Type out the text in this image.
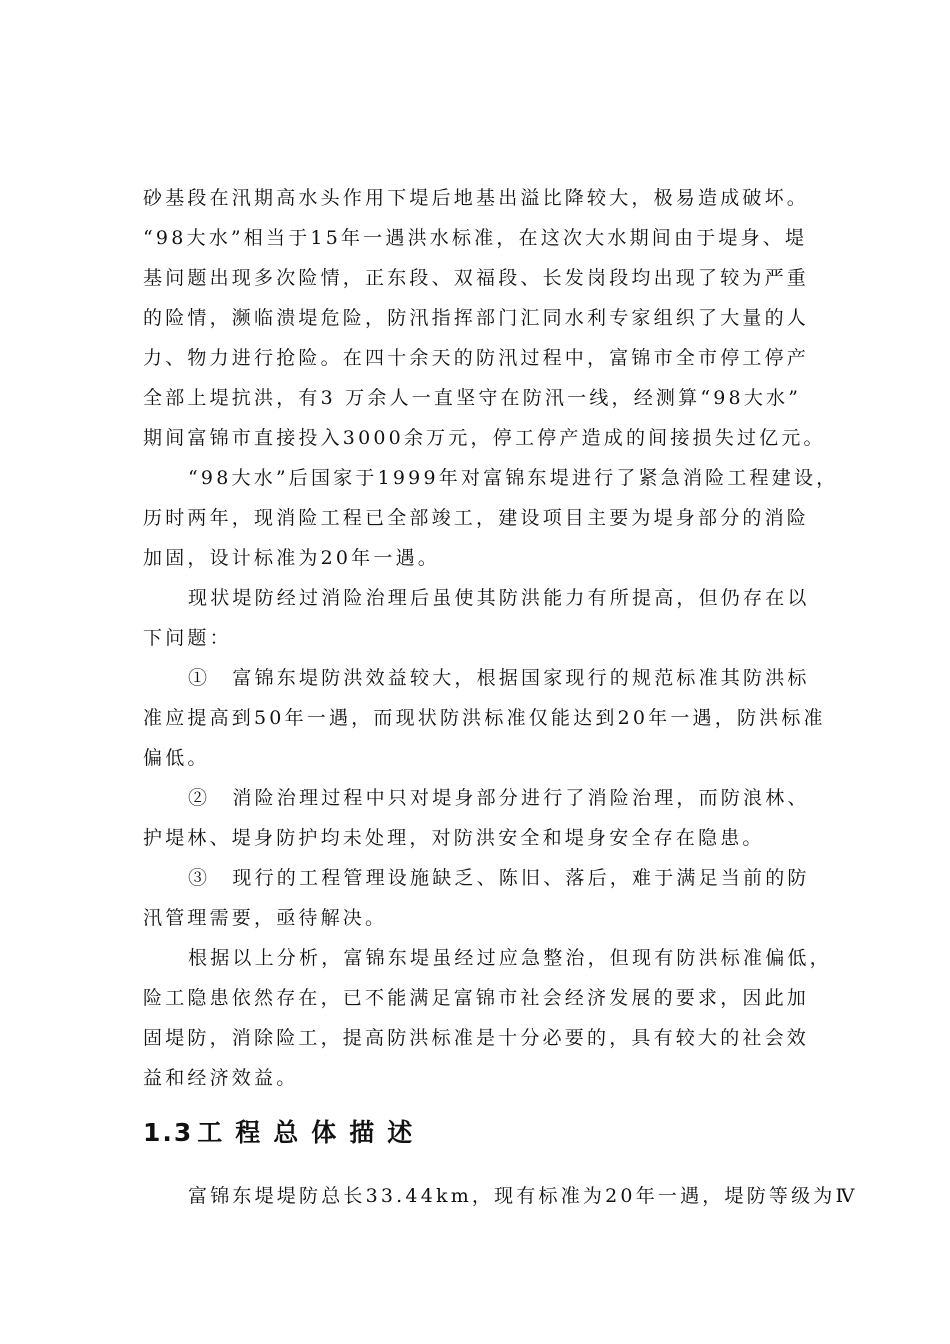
砂基段在汛期高水头作用下堤后地基出溢比降较大，极易造成破坏。
“98大水”相当于15年一遇洪水标准，在这次大水期间由于堤身、堤
基问题出现多次险情，正东段、双福段、长发岗段均出现了较为严重
的险情，濒临溃堤危险，防汛指挥部门汇同水利专家组织了大量的人
力、物力进行抢险。在四十余天的防汛过程中，富锦市全市停工停产
全部上堤抗洪，有3 万余人一直坚守在防汛一线，经测算“98大水”
期间富锦市直接投入3000余万元，停工停产造成的间接损失过亿元。

“98大水”后国家于1999年对富锦东堤进行了紧急消险工程建设，
历时两年，现消险工程已全部竣工，建设项目主要为堤身部分的消险
加固，设计标准为20年一遇。

现状堤防经过消险治理后虽使其防洪能力有所提高，但仍存在以
下问题：

①　富锦东堤防洪效益较大，根据国家现行的规范标准其防洪标
准应提高到50年一遇，而现状防洪标准仅能达到20年一遇，防洪标准
偏低。

②　消险治理过程中只对堤身部分进行了消险治理，而防浪林、
护堤林、堤身防护均未处理，对防洪安全和堤身安全存在隐患。

③　现行的工程管理设施缺乏、陈旧、落后，难于满足当前的防
汛管理需要，亟待解决。

根据以上分析，富锦东堤虽经过应急整治，但现有防洪标准偏低，
险工隐患依然存在，已不能满足富锦市社会经济发展的要求，因此加
固堤防，消除险工，提高防洪标准是十分必要的，具有较大的社会效
益和经济效益。

1.3 工程总体描述

富锦东堤堤防总长33.44km，现有标准为20年一遇，堤防等级为Ⅳ
